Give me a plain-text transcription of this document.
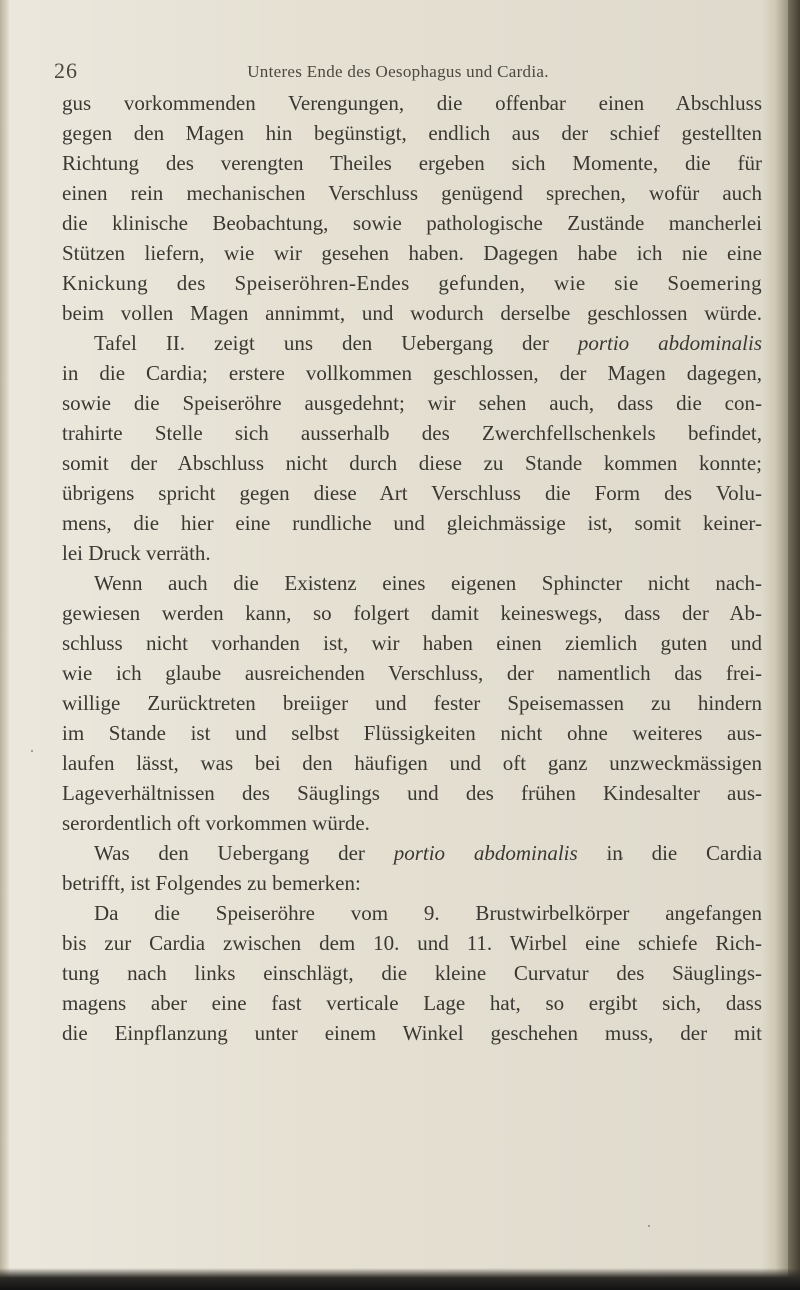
26	Unteres Ende des Oesophagus und Cardia.
gus vorkommenden Verengungen, die offenbar einen Abschluss
gegen den Magen hin begünstigt, endlich aus der schief gestellten
Richtung des verengten Theiles ergeben sich Momente, die für
einen rein mechanischen Verschluss genügend sprechen, wofür auch
die klinische Beobachtung, sowie pathologische Zustände mancherlei
Stützen liefern, wie wir gesehen haben. Dagegen habe ich nie eine
Knickung des Speiseröhren-Endes gefunden, wie sie Soemering
beim vollen Magen annimmt, und wodurch derselbe geschlossen würde.
Tafel II. zeigt uns den Uebergang der portio abdominalis
in die Cardia; erstere vollkommen geschlossen, der Magen dagegen,
sowie die Speiseröhre ausgedehnt; wir sehen auch, dass die con-
trahirte Stelle sich ausserhalb des Zwerchfellschenkels befindet,
somit der Abschluss nicht durch diese zu Stande kommen konnte;
übrigens spricht gegen diese Art Verschluss die Form des Volu-
mens, die hier eine rundliche und gleichmässige ist, somit keiner-
lei Druck verräth.
Wenn auch die Existenz eines eigenen Sphincter nicht nach-
gewiesen werden kann, so folgert damit keineswegs, dass der Ab-
schluss nicht vorhanden ist, wir haben einen ziemlich guten und
wie ich glaube ausreichenden Verschluss, der namentlich das frei-
willige Zurücktreten breiiger und fester Speisemassen zu hindern
im Stande ist und selbst Flüssigkeiten nicht ohne weiteres aus-
laufen lässt, was bei den häufigen und oft ganz unzweckmässigen
Lageverhältnissen des Säuglings und des frühen Kindesalter aus-
serordentlich oft vorkommen würde.
Was den Uebergang der portio abdominalis in die Cardia
betrifft, ist Folgendes zu bemerken:
Da die Speiseröhre vom 9. Brustwirbelkörper angefangen
bis zur Cardia zwischen dem 10. und 11. Wirbel eine schiefe Rich-
tung nach links einschlägt, die kleine Curvatur des Säuglings-
magens aber eine fast verticale Lage hat, so ergibt sich, dass
die Einpflanzung unter einem Winkel geschehen muss, der mit
